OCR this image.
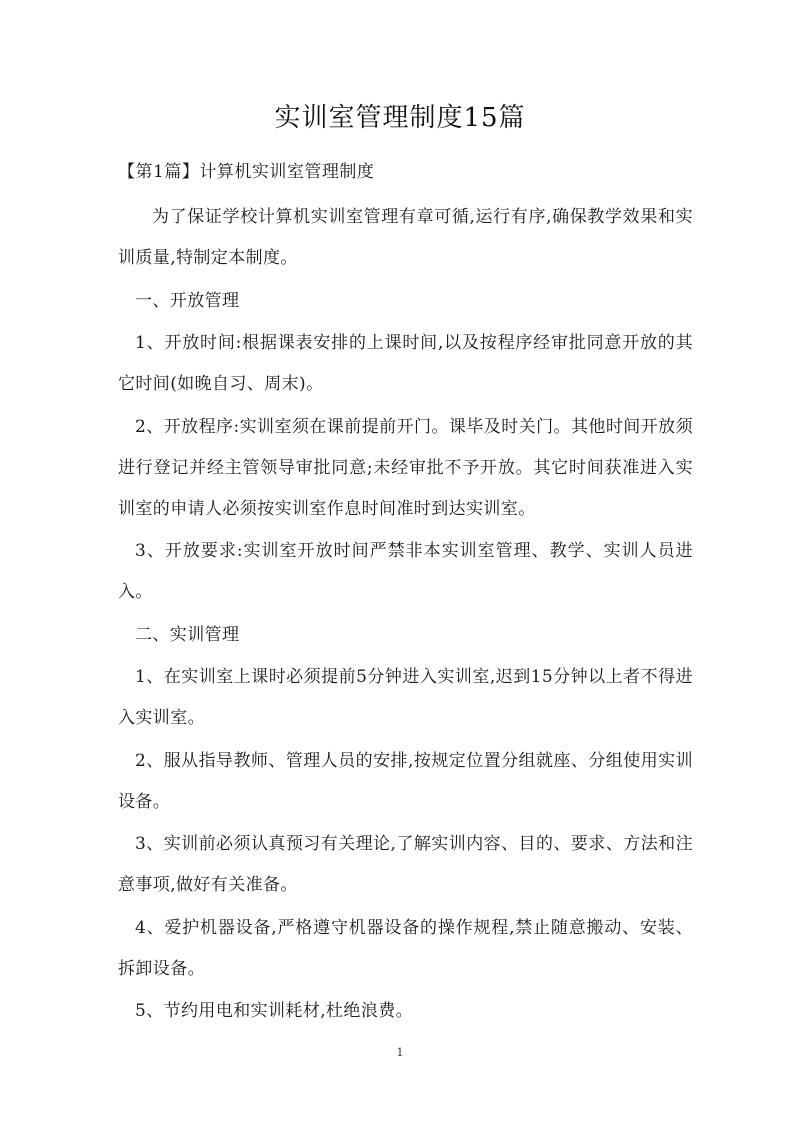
实训室管理制度15篇

【第1篇】计算机实训室管理制度

为了保证学校计算机实训室管理有章可循,运行有序,确保教学效果和实训质量,特制定本制度。

一、开放管理

1、开放时间:根据课表安排的上课时间,以及按程序经审批同意开放的其它时间(如晚自习、周末)。

2、开放程序:实训室须在课前提前开门。课毕及时关门。其他时间开放须进行登记并经主管领导审批同意;未经审批不予开放。其它时间获准进入实训室的申请人必须按实训室作息时间准时到达实训室。

3、开放要求:实训室开放时间严禁非本实训室管理、教学、实训人员进入。

二、实训管理

1、在实训室上课时必须提前5分钟进入实训室,迟到15分钟以上者不得进入实训室。

2、服从指导教师、管理人员的安排,按规定位置分组就座、分组使用实训设备。

3、实训前必须认真预习有关理论,了解实训内容、目的、要求、方法和注意事项,做好有关准备。

4、爱护机器设备,严格遵守机器设备的操作规程,禁止随意搬动、安装、拆卸设备。

5、节约用电和实训耗材,杜绝浪费。

1
